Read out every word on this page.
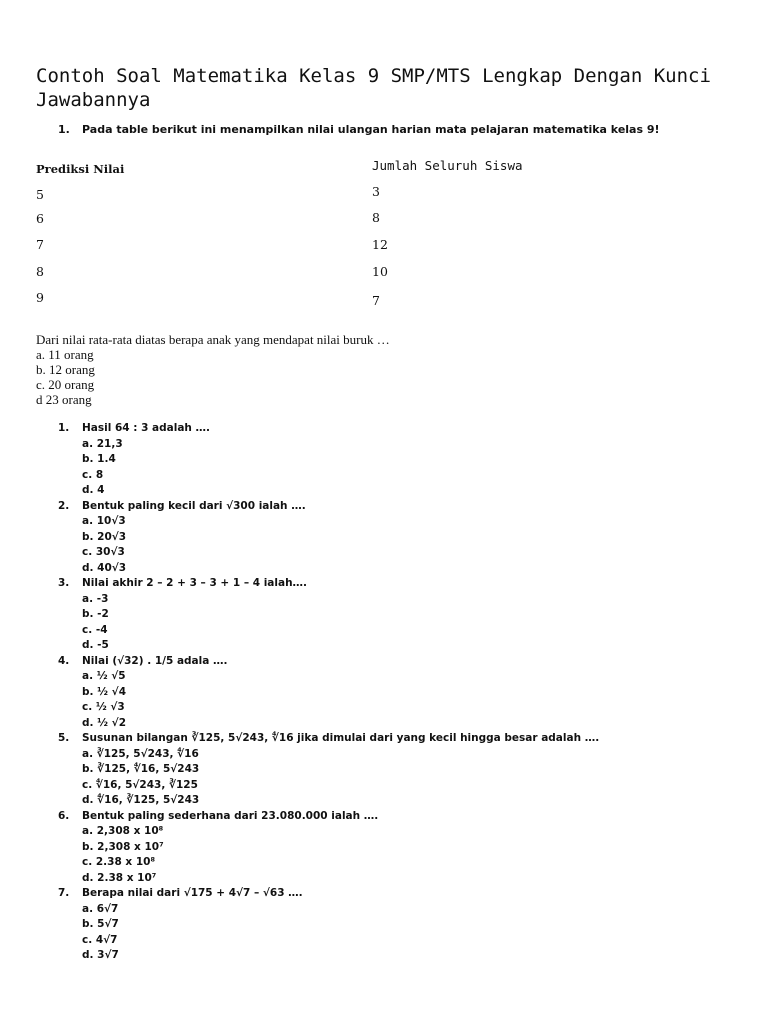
Contoh Soal Matematika Kelas 9 SMP/MTS Lengkap Dengan Kunci Jawabannya
1. Pada table berikut ini menampilkan nilai ulangan harian mata pelajaran matematika kelas 9!
Prediksi Nilai	Jumlah Seluruh Siswa
5
6
7
8
9
3
8
12
10
7
Dari nilai rata-rata diatas berapa anak yang mendapat nilai buruk …
a. 11 orang
b. 12 orang
c. 20 orang
d 23 orang
1. Hasil 64 : 3 adalah ….
a. 21,3
b. 1.4
c. 8
d. 4
2. Bentuk paling kecil dari √300 ialah ….
a. 10√3
b. 20√3
c. 30√3
d. 40√3
3. Nilai akhir 2 – 2 + 3 – 3 + 1 – 4 ialah….
a. -3
b. -2
c. -4
d. -5
4. Nilai (√32) . 1/5 adala ….
a. ½ √5
b. ½ √4
c. ½ √3
d. ½ √2
5. Susunan bilangan ∛125, 5√243, ∜16 jika dimulai dari yang kecil hingga besar adalah ….
a. ∛125, 5√243, ∜16
b. ∛125, ∜16, 5√243
c. ∜16, 5√243, ∛125
d. ∜16, ∛125, 5√243
6. Bentuk paling sederhana dari 23.080.000 ialah ….
a. 2,308 x 10⁸
b. 2,308 x 10⁷
c. 2.38 x 10⁸
d. 2.38 x 10⁷
7. Berapa nilai dari √175 + 4√7 – √63 ….
a. 6√7
b. 5√7
c. 4√7
d. 3√7
